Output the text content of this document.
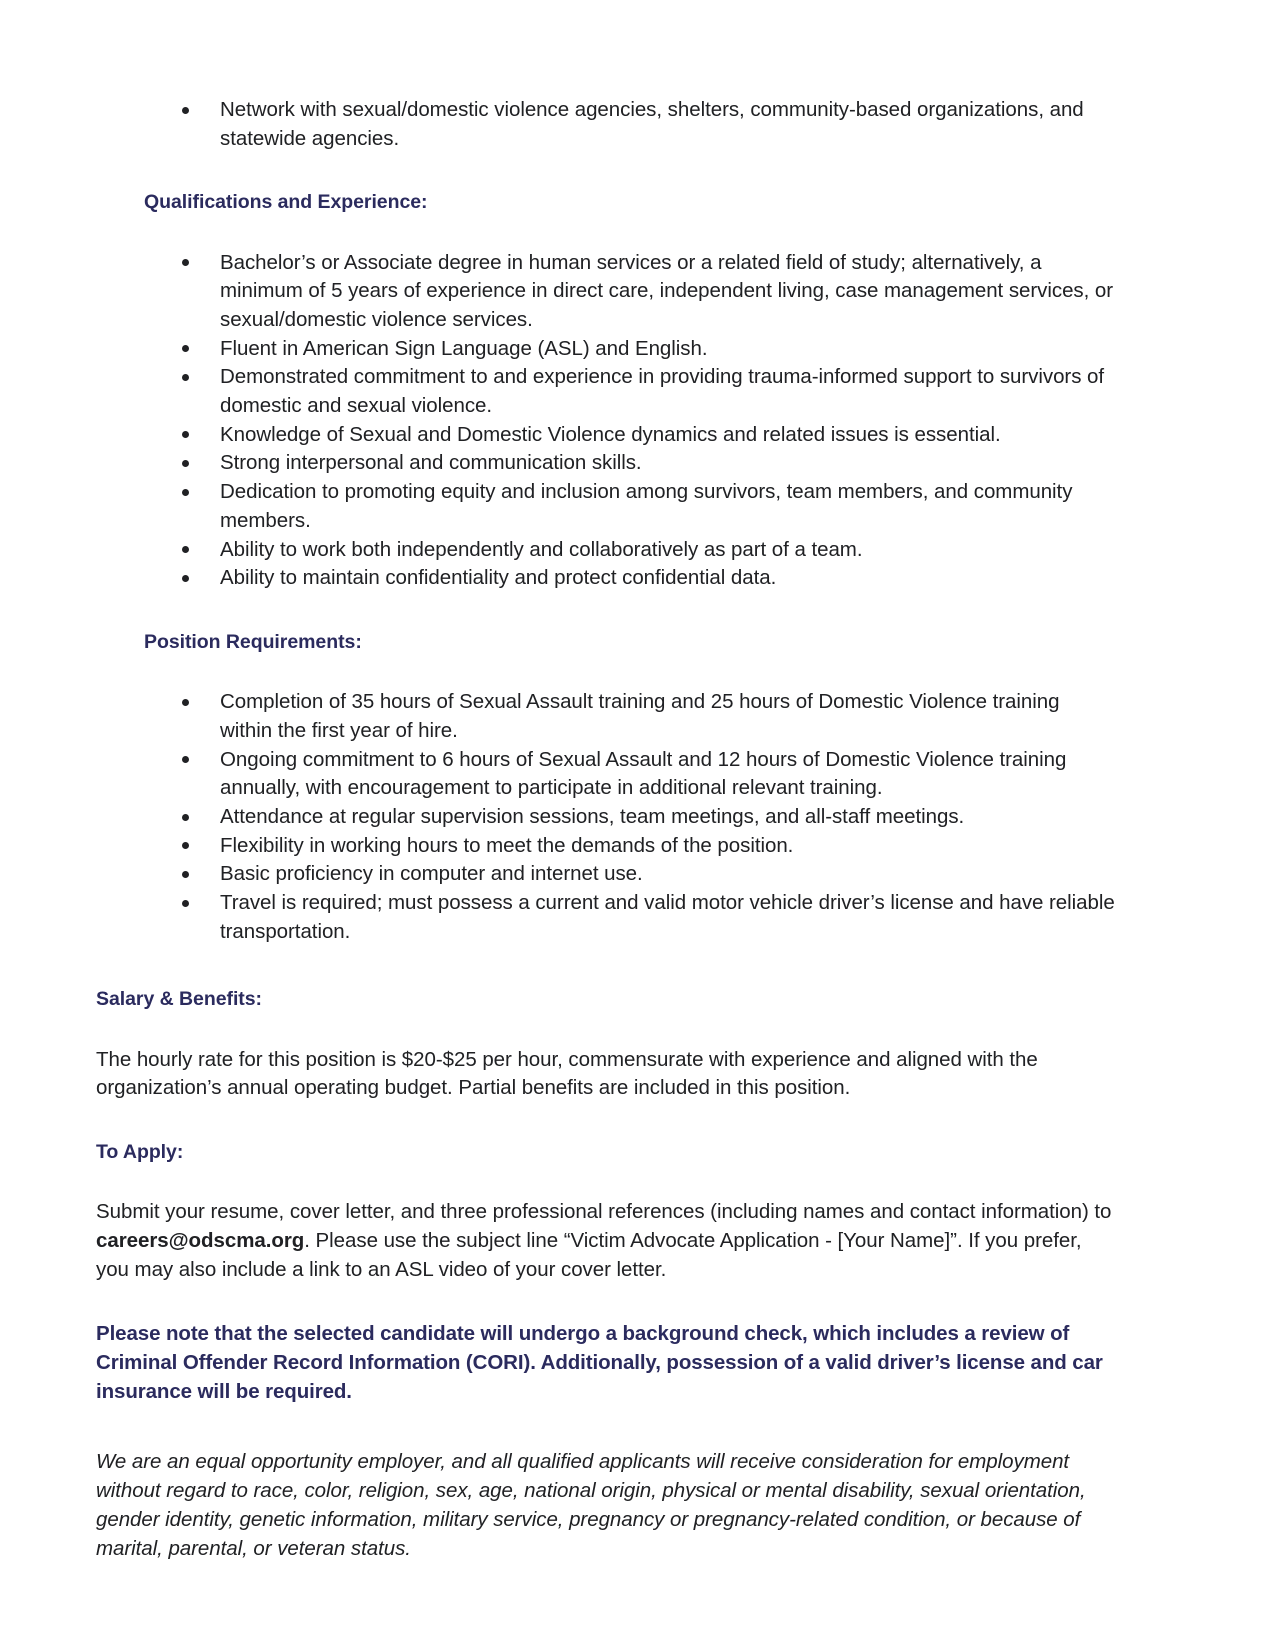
Network with sexual/domestic violence agencies, shelters, community-based organizations, and statewide agencies.
Qualifications and Experience:
Bachelor’s or Associate degree in human services or a related field of study; alternatively, a minimum of 5 years of experience in direct care, independent living, case management services, or sexual/domestic violence services.
Fluent in American Sign Language (ASL) and English.
Demonstrated commitment to and experience in providing trauma-informed support to survivors of domestic and sexual violence.
Knowledge of Sexual and Domestic Violence dynamics and related issues is essential.
Strong interpersonal and communication skills.
Dedication to promoting equity and inclusion among survivors, team members, and community members.
Ability to work both independently and collaboratively as part of a team.
Ability to maintain confidentiality and protect confidential data.
Position Requirements:
Completion of 35 hours of Sexual Assault training and 25 hours of Domestic Violence training within the first year of hire.
Ongoing commitment to 6 hours of Sexual Assault and 12 hours of Domestic Violence training annually, with encouragement to participate in additional relevant training.
Attendance at regular supervision sessions, team meetings, and all-staff meetings.
Flexibility in working hours to meet the demands of the position.
Basic proficiency in computer and internet use.
Travel is required; must possess a current and valid motor vehicle driver’s license and have reliable transportation.
Salary & Benefits:

The hourly rate for this position is $20-$25 per hour, commensurate with experience and aligned with the organization’s annual operating budget. Partial benefits are included in this position.

To Apply:

Submit your resume, cover letter, and three professional references (including names and contact information) to careers@odscma.org. Please use the subject line “Victim Advocate Application - [Your Name]”. If you prefer, you may also include a link to an ASL video of your cover letter.

Please note that the selected candidate will undergo a background check, which includes a review of Criminal Offender Record Information (CORI). Additionally, possession of a valid driver’s license and car insurance will be required.

We are an equal opportunity employer, and all qualified applicants will receive consideration for employment without regard to race, color, religion, sex, age, national origin, physical or mental disability, sexual orientation, gender identity, genetic information, military service, pregnancy or pregnancy-related condition, or because of marital, parental, or veteran status.
